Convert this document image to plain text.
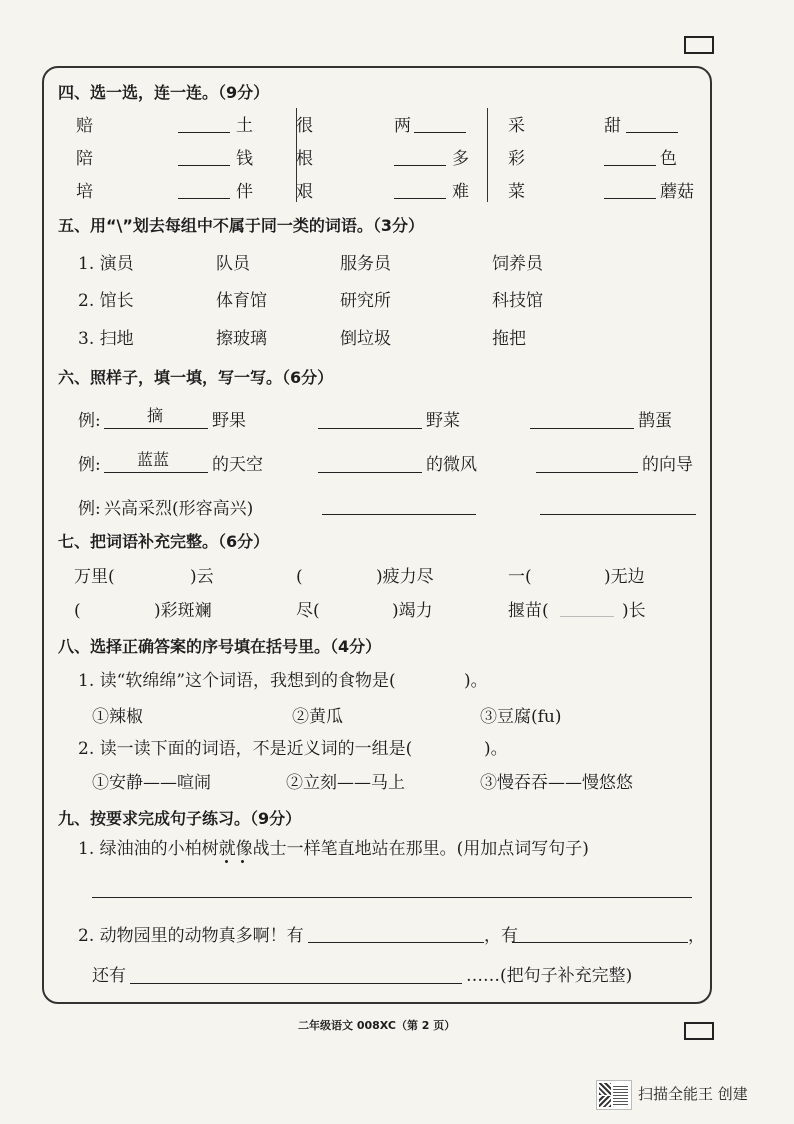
四、选一选，连一连。（9分）
赔	土
陪	钱
培	伴
很	两
根	多
艰	难
采	甜
彩	色
菜	蘑菇
五、用“\”划去每组中不属于同一类的词语。（3分）
1. 演员	队员	服务员	饲养员
2. 馆长	体育馆	研究所	科技馆
3. 扫地	擦玻璃	倒垃圾	拖把
六、照样子，填一填，写一写。（6分）
例:	摘	野果	野菜	鹊蛋
例: 蓝蓝	的天空	的微风	的向导
例: 兴高采烈(形容高兴)
七、把词语补充完整。（6分）
万里(	)云	(	)疲力尽	一(	)无边
(	)彩斑斓	尽(	)竭力	揠苗(	)长
八、选择正确答案的序号填在括号里。（4分）
1. 读“软绵绵”这个词语，我想到的食物是(	)。
①辣椒	②黄瓜	③豆腐(fu)
2. 读一读下面的词语，不是近义词的一组是(	)。
①安静——喧闹	②立刻——马上	③慢吞吞——慢悠悠
九、按要求完成句子练习。（9分）
1. 绿油油的小柏树就像战士一样笔直地站在那里。(用加点词写句子)
2. 动物园里的动物真多啊！有	，有	，
还有	……(把句子补充完整)
二年级语文 008XC（第 2 页）
扫描全能王 创建
